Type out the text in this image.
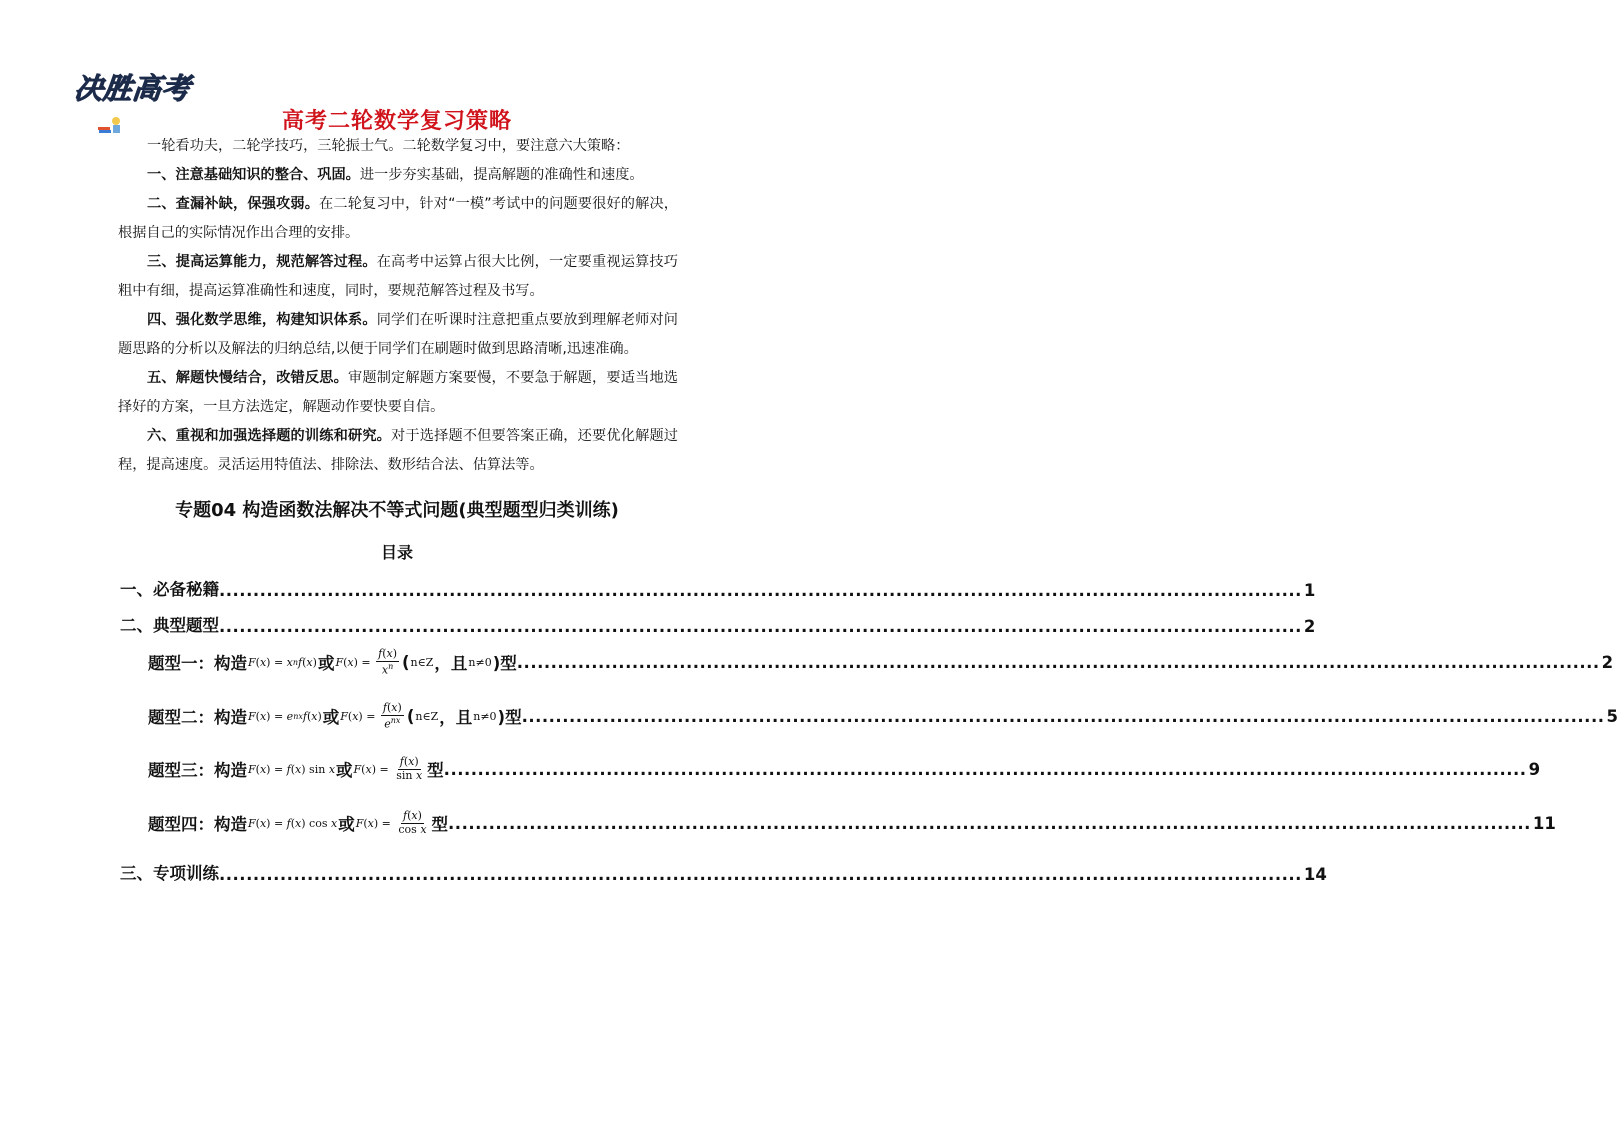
决胜高考
高考二轮数学复习策略

一轮看功夫，二轮学技巧，三轮振士气。二轮数学复习中，要注意六大策略：

一、注意基础知识的整合、巩固。进一步夯实基础，提高解题的准确性和速度。

二、查漏补缺，保强攻弱。在二轮复习中，针对“一模”考试中的问题要很好的解决，根据自己的实际情况作出合理的安排。

三、提高运算能力，规范解答过程。在高考中运算占很大比例，一定要重视运算技巧粗中有细，提高运算准确性和速度，同时，要规范解答过程及书写。

四、强化数学思维，构建知识体系。同学们在听课时注意把重点要放到理解老师对问题思路的分析以及解法的归纳总结,以便于同学们在刷题时做到思路清晰,迅速准确。

五、解题快慢结合，改错反思。审题制定解题方案要慢，不要急于解题，要适当地选择好的方案，一旦方法选定，解题动作要快要自信。

六、重视和加强选择题的训练和研究。对于选择题不但要答案正确，还要优化解题过程，提高速度。灵活运用特值法、排除法、数形结合法、估算法等。

专题04 构造函数法解决不等式问题(典型题型归类训练)
目录
一、必备秘籍 ................................................................................................................................................................ 1
二、典型题型 ................................................................................................................................................................ 2
题型一：构造 F ( x ) = x n f ( x ) 或 F ( x ) = $\frac{f(x)}{x^n}$ ( n∈Z ，且 n≠0 )型 ................................................................................................................................................................ 2
题型二：构造 F ( x ) = e nx f ( x ) 或 F ( x ) = $\frac{f(x)}{e^{nx}}$ ( n∈Z ，且 n≠0 )型 ................................................................................................................................................................ 5
题型三：构造 F ( x ) = f ( x ) sin x 或 F ( x ) = $\frac{f(x)}{\text{sin x}}$ 型 ................................................................................................................................................................ 9
题型四：构造 F ( x ) = f ( x ) cos x 或 F ( x ) = $\frac{f(x)}{\text{cos x}}$ 型 ................................................................................................................................................................ 11
三、专项训练 ................................................................................................................................................................ 14
